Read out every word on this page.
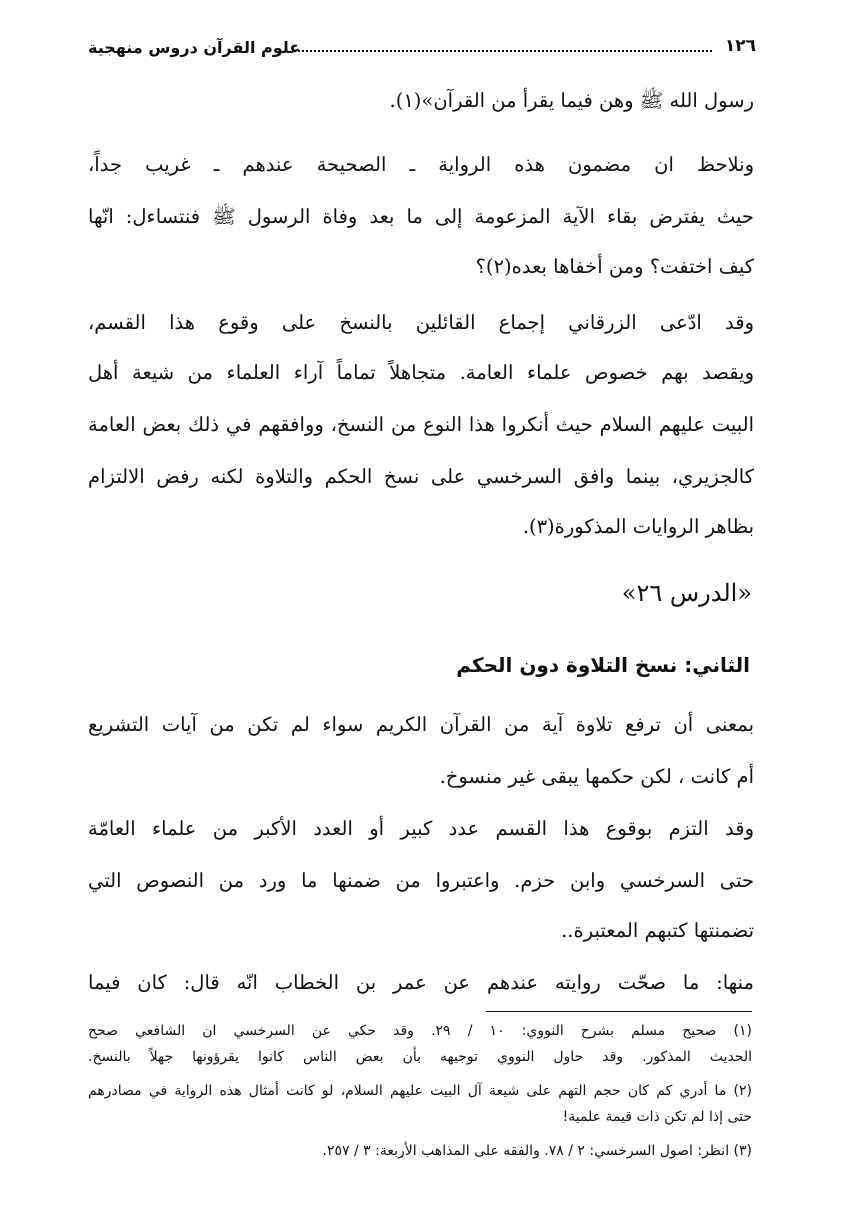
١٢٦
علوم القرآن دروس منهجية
رسول الله ﷺ وهن فيما يقرأ من القرآن»(١).
ونلاحظ ان مضمون هذه الرواية ـ الصحيحة عندهم ـ غريب جداً،
حيث يفترض بقاء الآية المزعومة إلى ما بعد وفاة الرسول ﷺ فنتساءل: انّها
كيف اختفت؟ ومن أخفاها بعده(٢)؟
وقد ادّعى الزرقاني إجماع القائلين بالنسخ على وقوع هذا القسم،
ويقصد بهم خصوص علماء العامة. متجاهلاً تماماً آراء العلماء من شيعة أهل
البيت عليهم السلام حيث أنكروا هذا النوع من النسخ، ووافقهم في ذلك بعض العامة
كالجزيري، بينما وافق السرخسي على نسخ الحكم والتلاوة لكنه رفض الالتزام
بظاهر الروايات المذكورة(٣).
«الدرس ٢٦»
الثاني: نسخ التلاوة دون الحكم
بمعنى أن ترفع تلاوة آية من القرآن الكريم سواء لم تكن من آيات التشريع
أم كانت ، لكن حكمها يبقى غير منسوخ.
وقد التزم بوقوع هذا القسم عدد كبير أو العدد الأكبر من علماء العامّة
حتى السرخسي وابن حزم. واعتبروا من ضمنها ما ورد من النصوص التي
تضمنتها كتبهم المعتبرة..
منها: ما صحّت روايته عندهم عن عمر بن الخطاب انّه قال: كان فيما
(١) صحيح مسلم بشرح النووي: ١٠ / ٢٩. وقد حكي عن السرخسي ان الشافعي صحح
الحديث المذكور. وقد حاول النووي توجيهه بأن بعض الناس كانوا يقرؤونها جهلاً بالنسخ.
(٢) ما أدري كم كان حجم التهم على شيعة آل البيت عليهم السلام، لو كانت أمثال هذه الرواية في مصادرهم
حتى إذا لم تكن ذات قيمة علمية!
(٣) انظر: اصول السرخسي: ٢ / ٧٨. والفقه على المذاهب الأربعة: ٣ / ٢٥٧.
